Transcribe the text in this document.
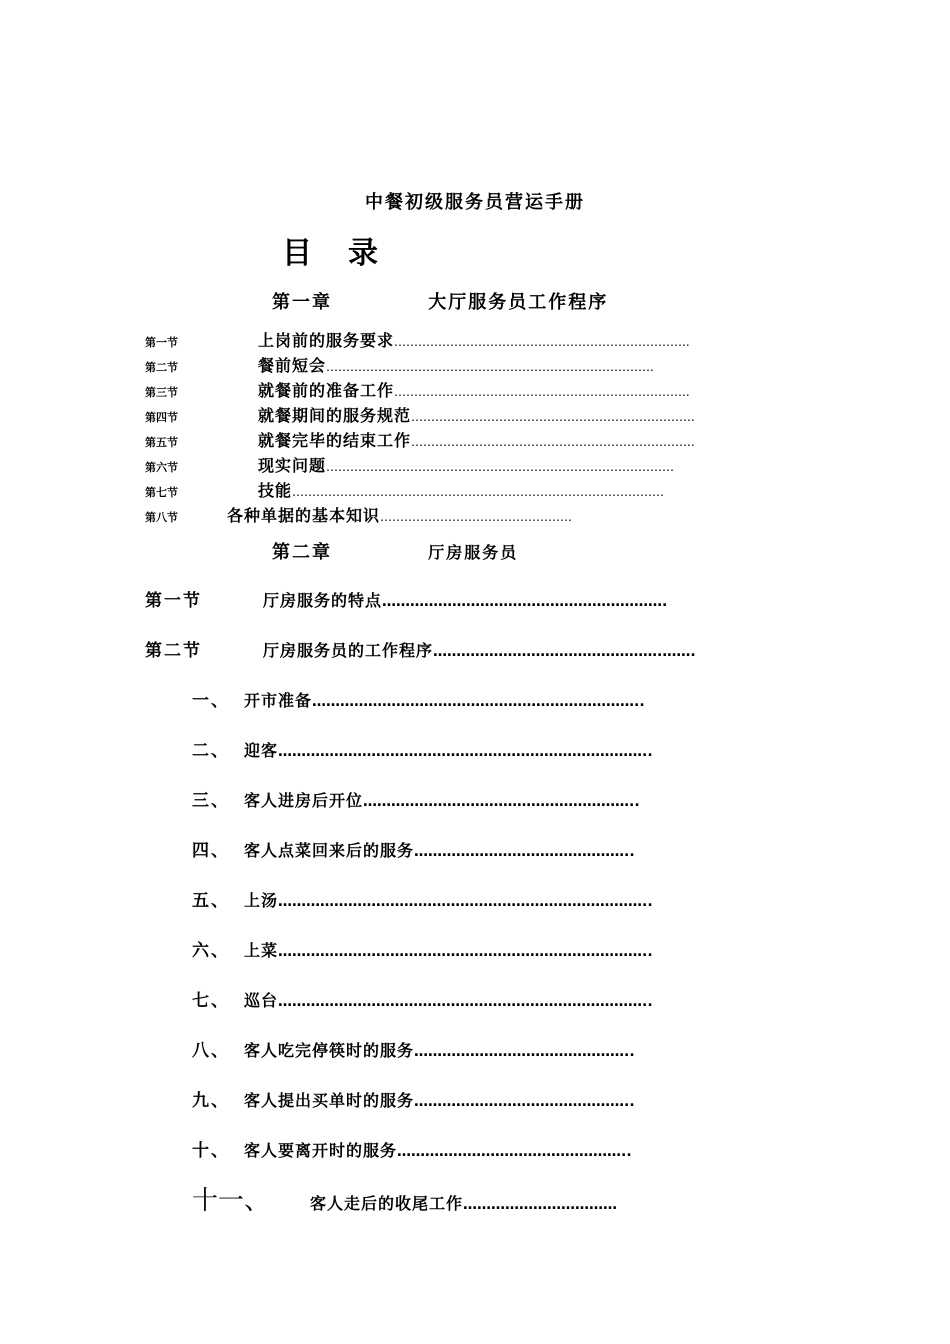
中餐初级服务员营运手册
目录
第一章	大厅服务员工作程序
第一节	上岗前的服务要求 ………………………………………………………………..
第二节	餐前短会 ……………………………………………………………………….
第三节	就餐前的准备工作 ………………………………………………………………..
第四节	就餐期间的服务规范 ……………………………………………………………..
第五节	就餐完毕的结束工作 ……………………………………………………………..
第六节	现实问题 ……………………………………………………………………………
第七节	技能 …………………………………………………………………………………
第八节	各种单据的基本知识 …………………………………………
第二章	厅房服务员
第一节	厅房服务的特点 …………………………………………………….
第二节	厅房服务员的工作程序 ………………………………………….…….
一、 开市准备 ……………………………………………………………..
二、 迎客 ……………………………………………………………………..
三、 客人进房后开位 …………………………………………………..
四、 客人点菜回来后的服务 ………………………………………..
五、 上汤 ……………………………………………………………………..
六、 上菜 ……………………………………………………………………..
七、 巡台 ……………………………………………………………………..
八、 客人吃完停筷时的服务 ………………………………………..
九、 客人提出买单时的服务 ………………………………………..
十、 客人要离开时的服务 …………………………………………..
十一、	客人走后的收尾工作 ……………………………
